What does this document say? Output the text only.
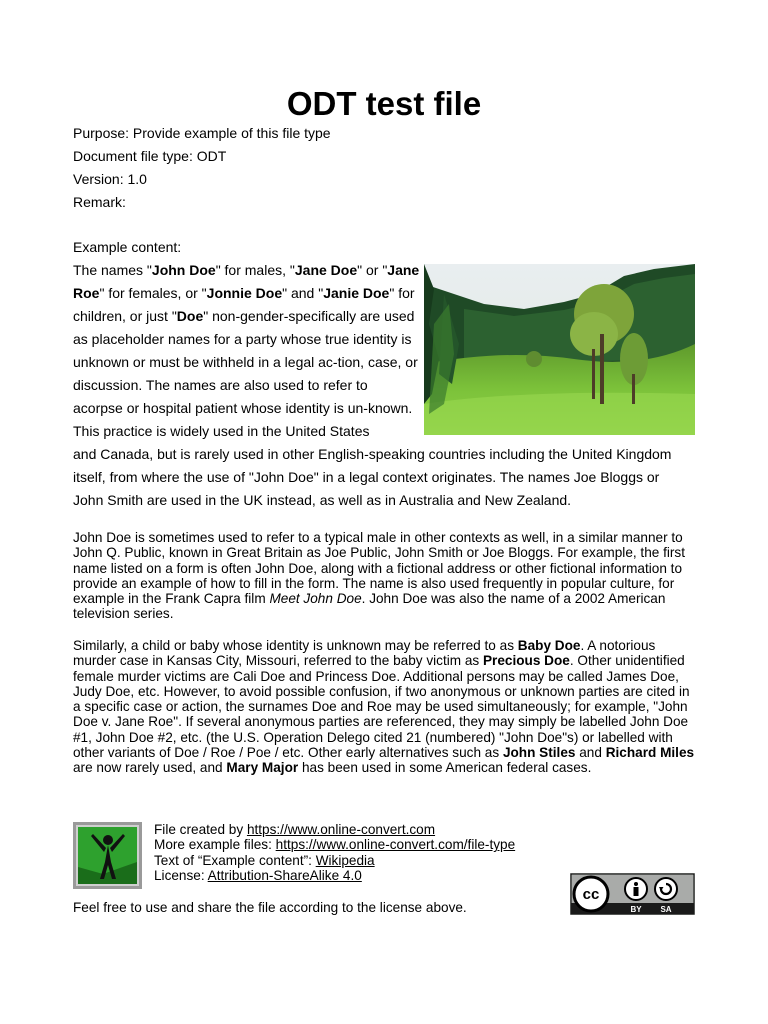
ODT test file
Purpose: Provide example of this file type
Document file type: ODT
Version: 1.0
Remark:
Example content:
The names "John Doe" for males, "Jane Doe" or "Jane
Roe" for females, or "Jonnie Doe" and "Janie Doe" for
children, or just "Doe" non-gender-specifically are used
as placeholder names for a party whose true identity is
unknown or must be withheld in a legal ac-tion, case, or
discussion. The names are also used to refer to
acorpse or hospital patient whose identity is un-known.
This practice is widely used in the United States
and Canada, but is rarely used in other English-speaking countries including the United Kingdom
itself, from where the use of "John Doe" in a legal context originates. The names Joe Bloggs or
John Smith are used in the UK instead, as well as in Australia and New Zealand.
John Doe is sometimes used to refer to a typical male in other contexts as well, in a similar manner to John Q. Public, known in Great Britain as Joe Public, John Smith or Joe Bloggs. For example, the first name listed on a form is often John Doe, along with a fictional address or other fictional information to provide an example of how to fill in the form. The name is also used frequently in popular culture, for example in the Frank Capra film Meet John Doe. John Doe was also the name of a 2002 American television series.
Similarly, a child or baby whose identity is unknown may be referred to as Baby Doe. A notorious murder case in Kansas City, Missouri, referred to the baby victim as Precious Doe. Other unidentified female murder victims are Cali Doe and Princess Doe. Additional persons may be called James Doe, Judy Doe, etc. However, to avoid possible confusion, if two anonymous or unknown parties are cited in a specific case or action, the surnames Doe and Roe may be used simultaneously; for example, "John Doe v. Jane Roe". If several anonymous parties are referenced, they may simply be labelled John Doe #1, John Doe #2, etc. (the U.S. Operation Delego cited 21 (numbered) "John Doe"s) or labelled with other variants of Doe / Roe / Poe / etc. Other early alternatives such as John Stiles and Richard Miles are now rarely used, and Mary Major has been used in some American federal cases.
File created by https://www.online-convert.com
More example files: https://www.online-convert.com/file-type
Text of “Example content”: Wikipedia
License: Attribution-ShareAlike 4.0
cc
BY SA
Feel free to use and share the file according to the license above.
